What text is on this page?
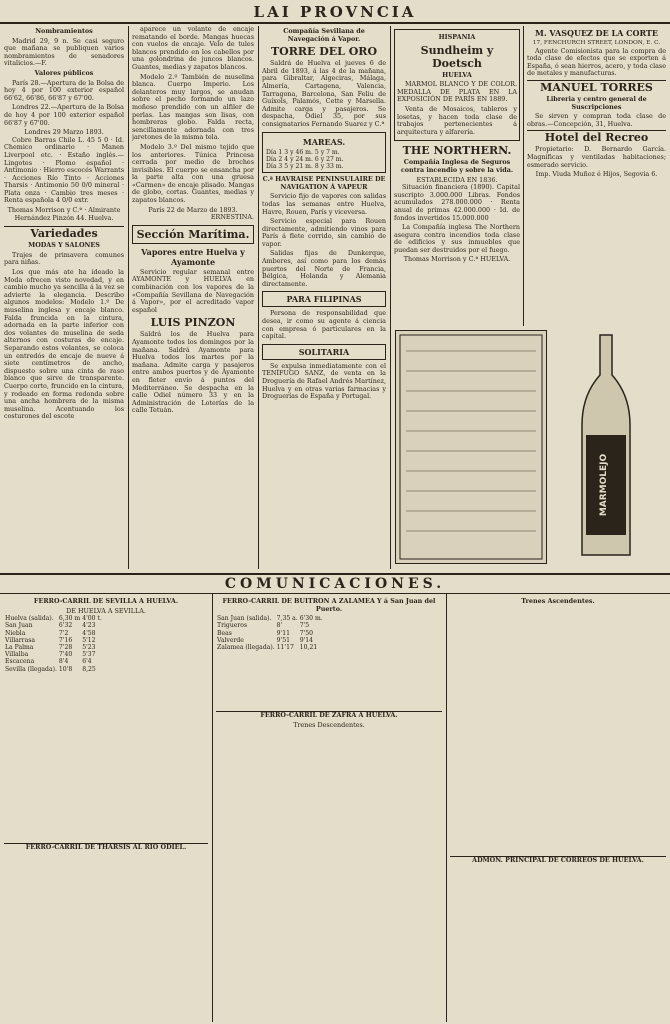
LAI PROVNCIA
Nombramientos

Madrid 29, 9 n. Se casi seguro que mañana se publiquen varios nombramientos de senadores vitalicios.—F.

Valores públicos

París 28.—Apertura de la Bolsa de hoy 4 por 100 exterior español 66'62, 66'86, 66'87 y 67'00.

Londres 22.—Apertura de la Bolsa de hoy 4 por 100 exterior español 66'87 y 67'00.

Londres 29 Marzo 1893.

Cobre Barras Chile L. 45 5 0 · Id. Chemico ordinario · Manen Liverpool etc. · Estaño inglés.—Lingotes · Plomo español · Antimonio · Hierro escocés Warrants · Acciones Río Tinto · Acciones Tharsis · Antimonio 50 0/0 mineral · Plata onza · Cambio tres meses · Renta española 4 0/0 extr.

Thomas Morrison y C.ª · Almirante Hernández Pinzón 44. Huelva.
Variedades
MODAS Y SALONES

Trajes de primavera comunes para niñas.

Los que más ate ha ideado la Moda ofrecen visto novedad, y en cambio mucho ya sencilla á la vez se advierte la elegancia. Describo algunos modelos: Modelo 1.º De muselina inglesa y encaje blanco. Falda fruncida en la cintura, adornada en la parte inferior con dos volantes de muselina de seda alternos con costuras de encaje. Separando estos volantes, se coloca un entredós de encaje de nueve á siete centímetros de ancho, dispuesto sobre una cinta de raso blanco que sirve de transparente. Cuerpo corto, fruncido en la cintura, y rodeado en forma redonda sobre una ancha hombrera de la misma muselina. Acentuando los costurones del escote

aparece un volante de encaje rematando el borde. Mangas huecas con vuelos de encaje. Velo de tules blancos prendido en los cabellos por una golondrina de juncos blancos. Guantes, medias y zapatos blancos.

Modelo 2.º También de muselina blanca. Cuerpo Imperio. Los delanteros muy largos, se anudan sobre el pecho formando un lazo moñoso prendido con un alfiler de perlas. Las mangas son lisas, con hombreras globo. Falda recta, sencillamente adornada con tres jaretones de la misma tela.

Modelo 3.º Del mismo tejido que los anteriores. Túnica Princesa cerrada por medio de broches invisibles. El cuerpo se ensancha por la parte alta con una gruesa «Carmen» de encaje plisado. Mangas de globo, cortas. Guantes, medias y zapatos blancos.

París 22 de Marzo de 1893.
ERNESTINA.
Sección Marítima.
Vapores entre Huelva y Ayamonte

Servicio regular semanal entre AYAMONTE y HUELVA en combinación con los vapores de la «Compañía Sevillana de Navegación á Vapor», por el acreditado vapor español

LUIS PINZON

Saldrá los de Huelva para Ayamonte todos los domingos por la mañana. Saldrá Ayamonte para Huelva todos los martes por la mañana. Admite carga y pasajeros entre ambos puertos y de Ayamonte en fleter envío á puntos del Mediterráneo. Se despacha en la calle Odiel número 33 y en la Administración de Loterías de la calle Tetuán.

Compañía Sevillana de Navegación á Vapor.
TORRE DEL ORO

Saldrá de Huelva el jueves 6 de Abril de 1893, á las 4 de la mañana, para Gibraltar, Algeciras, Málaga, Almería, Cartagena, Valencia, Tarragona, Barcelona, San Feliu de Guíxols, Palamós, Cette y Marsella. Admite carga y pasajeros. Se despacha, Odiel 35, por sus consignatarios Fernando Suarez y C.ª

MAREAS.
Día 1	3 y 46 m.	5 y 7 m.
Día 2	4 y 24 m.	6 y 27 m.
Día 3	5 y 21 m.	8 y 33 m.
C.ª HAVRAISE PENINSULAIRE DE NAVIGATION Á VAPEUR

Servicio fijo de vapores con salidas todas las semanas entre Huelva, Havre, Rouen, París y viceversa.

Servicio especial para Rouen directamente, admitiendo vinos para París á flete corrido, sin cambio de vapor.

Salidas fijas de Dunkerque, Amberes, así como para los demás puertos del Norte de Francia, Bélgica, Holanda y Alemania directamente.

PARA FILIPINAS

Persona de responsabilidad que desea, ir como su agente á ciencia con empresa ó particulares en la capital.

SOLITARIA

Se expulsa inmediatamente con el TENÍFUGO SANZ, de venta en la Droguería de Rafael Andrés Martínez, Huelva y en otras varias farmacias y Droguerías de España y Portugal.

HISPANIA
Sundheim y Doetsch
HUELVA

MARMOL BLANCO Y DE COLOR. MEDALLA DE PLATA EN LA EXPOSICIÓN DE PARÍS EN 1889.

Venta de Mosaicos, tableros y losetas, y hacen toda clase de trabajos pertenecientes á arquitectura y alfarería.

THE NORTHERN.
Compañía Inglesa de Seguros contra incendio y sobre la vida.
ESTABLECIDA EN 1836.

Situación financiera (1890). Capital suscripto 3.000.000 Libras. Fondos acumulados 278.000.000 · Renta anual de primas 42.000.000 · Id. de fondos invertidos 15.000.000

La Compañía inglesa The Northern asegura contra incendios toda clase de edificios y sus inmuebles que puedan ser destruidos por el fuego.

Thomas Morrison y C.ª HUELVA.
M. VASQUEZ DE LA CORTE
17, FENCHURCH STREET, LONDON, E. C.

Agente Comisionista para la compra de toda clase de efectos que se exporten á España, ó sean hierros, acero, y toda clase de metales y manufacturas.

MANUEL TORRES
Libreria y centro general de Suscripciones

Se sirven y compran toda clase de obras.—Concepción, 31, Huelva.

Hotel del Recreo

Propietario: D. Bernardo García. Magníficas y ventiladas habitaciones; esmerado servicio.

Imp. Viuda Muñoz é Hijos, Segovia 6.
MARMOLEJO
COMUNICACIONES.
FERRO-CARRIL DE SEVILLA A HUELVA.
DE HUELVA A SEVILLA.
Huelva (salida).	6,30 m	4'00 t.
San Juan	6'32	4'23
Niebla	7'2	4'58
Villarrasa	7'16	5'12
La Palma	7'28	5'23
Villalba	7'40	5'37
Escacena	8'4	6'4
Sevilla (llegada).	10'8	8,25
FERRO-CARRIL DE THARSIS AL RIO ODIEL.
FERRO-CARRIL DE BUITRON A ZALAMEA Y á San Juan del Puerto.
San Juan (salida).	7,35 a.	6'30 m.
Trigueros	8'	7'5
Beas	9'11	7'50
Valverde	9'51	9'14
Zalamea (llegada).	11'17	10,21
FERRO-CARRIL DE ZAFRA A HUELVA.
Trenes Descendentes.
Trenes Ascendentes.
ADMON. PRINCIPAL DE CORREOS DE HUELVA.
